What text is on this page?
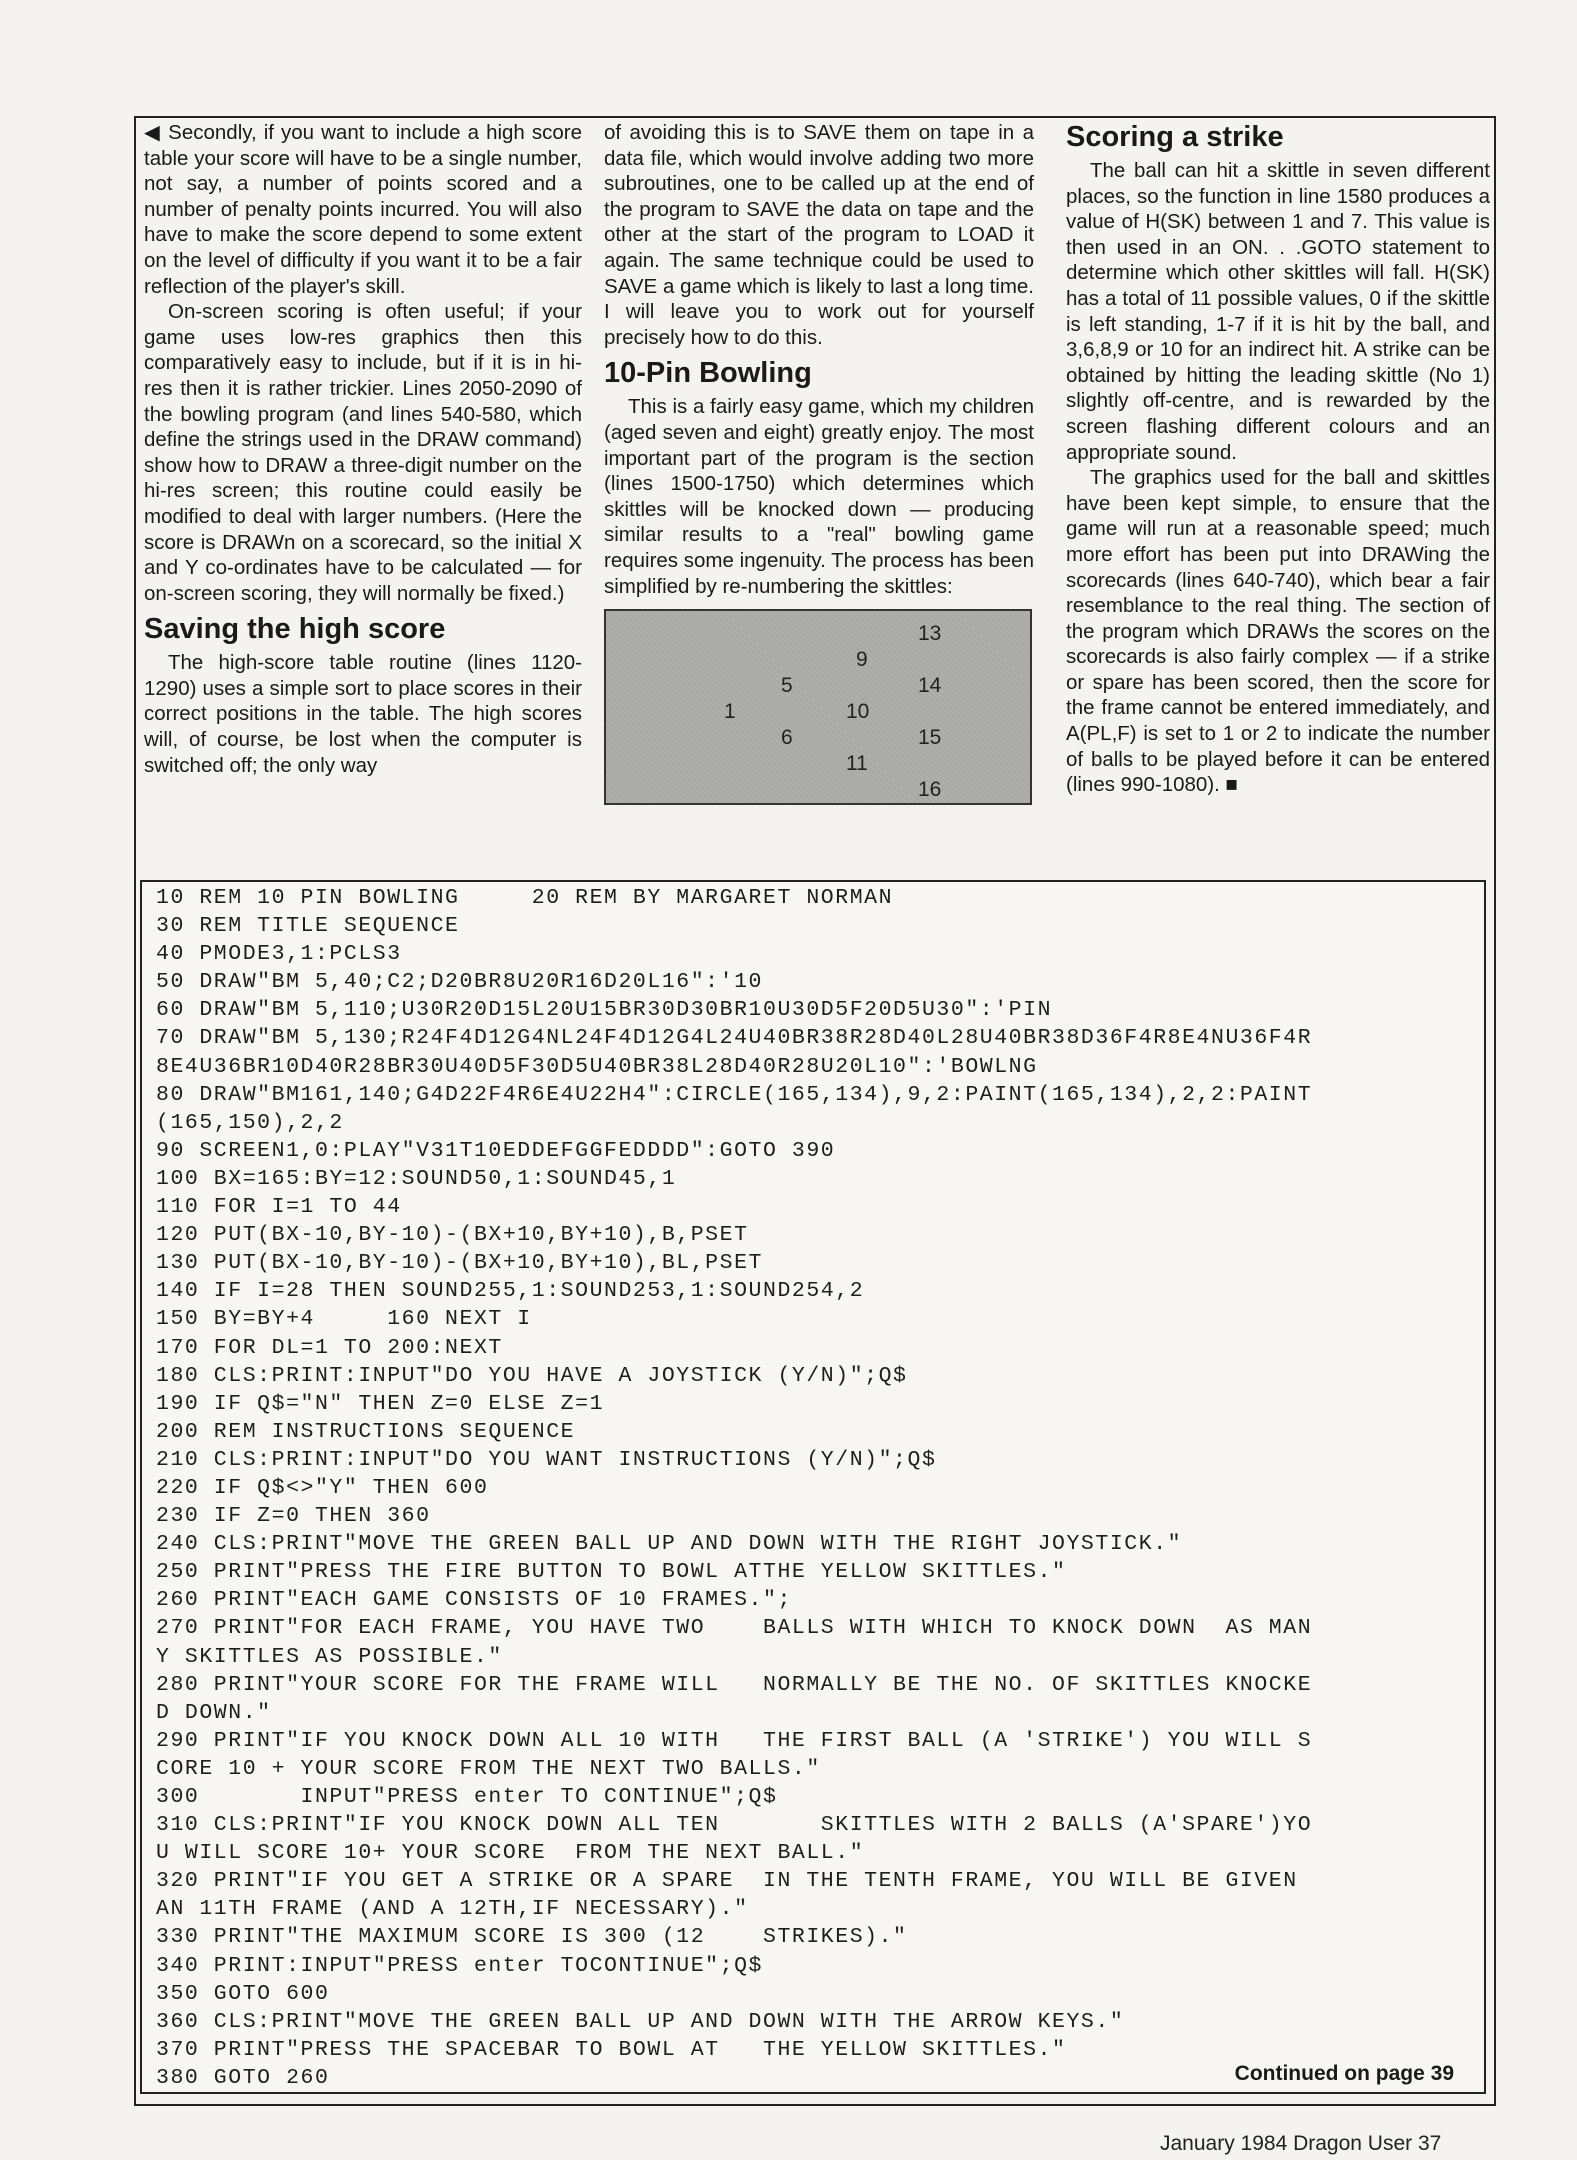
◀ Secondly, if you want to include a high score table your score will have to be a single number, not say, a number of points scored and a number of penalty points incurred. You will also have to make the score depend to some extent on the level of difficulty if you want it to be a fair reflection of the player's skill.

On-screen scoring is often useful; if your game uses low-res graphics then this comparatively easy to include, but if it is in hi-res then it is rather trickier. Lines 2050-2090 of the bowling program (and lines 540-580, which define the strings used in the DRAW command) show how to DRAW a three-digit number on the hi-res screen; this routine could easily be modified to deal with larger numbers. (Here the score is DRAWn on a scorecard, so the initial X and Y co-ordinates have to be calculated — for on-screen scoring, they will normally be fixed.)

Saving the high score

The high-score table routine (lines 1120-1290) uses a simple sort to place scores in their correct positions in the table. The high scores will, of course, be lost when the computer is switched off; the only way

of avoiding this is to SAVE them on tape in a data file, which would involve adding two more subroutines, one to be called up at the end of the program to SAVE the data on tape and the other at the start of the program to LOAD it again. The same technique could be used to SAVE a game which is likely to last a long time. I will leave you to work out for yourself precisely how to do this.

10-Pin Bowling

This is a fairly easy game, which my children (aged seven and eight) greatly enjoy. The most important part of the program is the section (lines 1500-1750) which determines which skittles will be knocked down — producing similar results to a "real" bowling game requires some ingenuity. The process has been simplified by re-numbering the skittles:

1
5
6
9
10
11
13
14
15
16
Scoring a strike

The ball can hit a skittle in seven different places, so the function in line 1580 produces a value of H(SK) between 1 and 7. This value is then used in an ON. . .GOTO statement to determine which other skittles will fall. H(SK) has a total of 11 possible values, 0 if the skittle is left standing, 1-7 if it is hit by the ball, and 3,6,8,9 or 10 for an indirect hit. A strike can be obtained by hitting the leading skittle (No 1) slightly off-centre, and is rewarded by the screen flashing different colours and an appropriate sound.

The graphics used for the ball and skittles have been kept simple, to ensure that the game will run at a reasonable speed; much more effort has been put into DRAWing the scorecards (lines 640-740), which bear a fair resemblance to the real thing. The section of the program which DRAWs the scores on the scorecards is also fairly complex — if a strike or spare has been scored, then the score for the frame cannot be entered immediately, and A(PL,F) is set to 1 or 2 to indicate the number of balls to be played before it can be entered (lines 990-1080). ■

10 REM 10 PIN BOWLING     20 REM BY MARGARET NORMAN
30 REM TITLE SEQUENCE
40 PMODE3,1:PCLS3
50 DRAW"BM 5,40;C2;D20BR8U20R16D20L16":'10
60 DRAW"BM 5,110;U30R20D15L20U15BR30D30BR10U30D5F20D5U30":'PIN
70 DRAW"BM 5,130;R24F4D12G4NL24F4D12G4L24U40BR38R28D40L28U40BR38D36F4R8E4NU36F4R
8E4U36BR10D40R28BR30U40D5F30D5U40BR38L28D40R28U20L10":'BOWLNG
80 DRAW"BM161,140;G4D22F4R6E4U22H4":CIRCLE(165,134),9,2:PAINT(165,134),2,2:PAINT
(165,150),2,2
90 SCREEN1,0:PLAY"V31T10EDDEFGGFEDDDD":GOTO 390
100 BX=165:BY=12:SOUND50,1:SOUND45,1
110 FOR I=1 TO 44
120 PUT(BX-10,BY-10)-(BX+10,BY+10),B,PSET
130 PUT(BX-10,BY-10)-(BX+10,BY+10),BL,PSET
140 IF I=28 THEN SOUND255,1:SOUND253,1:SOUND254,2
150 BY=BY+4     160 NEXT I
170 FOR DL=1 TO 200:NEXT
180 CLS:PRINT:INPUT"DO YOU HAVE A JOYSTICK (Y/N)";Q$
190 IF Q$="N" THEN Z=0 ELSE Z=1
200 REM INSTRUCTIONS SEQUENCE
210 CLS:PRINT:INPUT"DO YOU WANT INSTRUCTIONS (Y/N)";Q$
220 IF Q$<>"Y" THEN 600
230 IF Z=0 THEN 360
240 CLS:PRINT"MOVE THE GREEN BALL UP AND DOWN WITH THE RIGHT JOYSTICK."
250 PRINT"PRESS THE FIRE BUTTON TO BOWL ATTHE YELLOW SKITTLES."
260 PRINT"EACH GAME CONSISTS OF 10 FRAMES.";
270 PRINT"FOR EACH FRAME, YOU HAVE TWO    BALLS WITH WHICH TO KNOCK DOWN  AS MAN
Y SKITTLES AS POSSIBLE."
280 PRINT"YOUR SCORE FOR THE FRAME WILL   NORMALLY BE THE NO. OF SKITTLES KNOCKE
D DOWN."
290 PRINT"IF YOU KNOCK DOWN ALL 10 WITH   THE FIRST BALL (A 'STRIKE') YOU WILL S
CORE 10 + YOUR SCORE FROM THE NEXT TWO BALLS."
300       INPUT"PRESS enter TO CONTINUE";Q$
310 CLS:PRINT"IF YOU KNOCK DOWN ALL TEN       SKITTLES WITH 2 BALLS (A'SPARE')YO
U WILL SCORE 10+ YOUR SCORE  FROM THE NEXT BALL."
320 PRINT"IF YOU GET A STRIKE OR A SPARE  IN THE TENTH FRAME, YOU WILL BE GIVEN
AN 11TH FRAME (AND A 12TH,IF NECESSARY)."
330 PRINT"THE MAXIMUM SCORE IS 300 (12    STRIKES)."
340 PRINT:INPUT"PRESS enter TOCONTINUE";Q$
350 GOTO 600
360 CLS:PRINT"MOVE THE GREEN BALL UP AND DOWN WITH THE ARROW KEYS."
370 PRINT"PRESS THE SPACEBAR TO BOWL AT   THE YELLOW SKITTLES."
380 GOTO 260	Continued on page 39
January 1984 Dragon User 37
